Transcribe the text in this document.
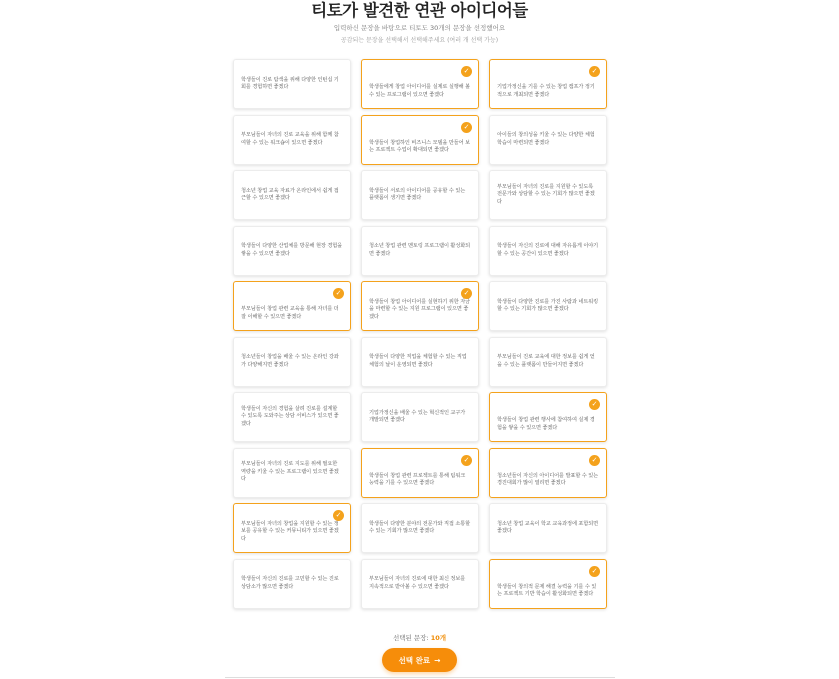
티토가 발견한 연관 아이디어들
입력하신 문장을 바탕으로 티토도 30개의 문장을 선정했어요
공감되는 문장을 선택해서 선택해주세요 (여러 개 선택 가능)
학생들이 진로 탐색을 위해 다양한 인턴십 기회를 경험하면 좋겠다
✓
학생들에게 창업 아이디어를 실제로 실행해 볼 수 있는 프로그램이 있으면 좋겠다
✓
기업가정신을 기를 수 있는 창업 캠프가 정기적으로 개최되면 좋겠다
부모님들이 자녀의 진로 교육을 위해 함께 참여할 수 있는 워크숍이 있으면 좋겠다
✓
학생들이 창업하인 비즈니스 모델을 만들어 보는 프로젝트 수업이 확대되면 좋겠다
아이들의 창의성을 키울 수 있는 다양한 체험학습이 마련되면 좋겠다
청소년 창업 교육 자료가 온라인에서 쉽게 접근할 수 있으면 좋겠다
학생들이 서로의 아이디어를 공유할 수 있는 플랫폼이 생기면 좋겠다
부모님들이 자녀의 진로를 지원할 수 있도록 전문가와 상담할 수 있는 기회가 많으면 좋겠다
학생들이 다양한 산업체를 방문해 현장 경험을 쌓을 수 있으면 좋겠다
청소년 창업 관련 멘토링 프로그램이 활성화되면 좋겠다
학생들이 자신의 진로에 대해 자유롭게 이야기할 수 있는 공간이 있으면 좋겠다
✓
부모님들이 창업 관련 교육을 통해 자녀를 더 잘 이해할 수 있으면 좋겠다
✓
학생들이 창업 아이디어를 실현하기 위한 자금을 마련할 수 있는 지원 프로그램이 있으면 좋겠다
학생들이 다양한 진로를 가진 사람과 네트워킹할 수 있는 기회가 많으면 좋겠다
청소년들이 창업을 배울 수 있는 온라인 강좌가 다양해지면 좋겠다
학생들이 다양한 직업을 체험할 수 있는 직업 체험의 날이 운영되면 좋겠다
부모님들이 진로 교육에 대한 정보를 쉽게 얻을 수 있는 플랫폼이 만들어지면 좋겠다
학생들이 자신의 경험을 살려 진로를 설계할 수 있도록 도와주는 상담 서비스가 있으면 좋겠다
기업가정신을 배울 수 있는 혁신적인 교구가 개발되면 좋겠다
✓
학생들이 창업 관련 행사에 참여하여 실제 경험을 쌓을 수 있으면 좋겠다
부모님들이 자녀의 진로 지도를 위해 필요한 역량을 키울 수 있는 프로그램이 있으면 좋겠다
✓
학생들이 창업 관련 프로젝트를 통해 팀워크 능력을 기를 수 있으면 좋겠다
✓
청소년들이 자신의 아이디어를 발표할 수 있는 경진대회가 많이 열리면 좋겠다
✓
부모님들이 자녀의 창업을 지원할 수 있는 정보를 공유할 수 있는 커뮤니티가 있으면 좋겠다
학생들이 다양한 분야의 전문가와 직접 소통할 수 있는 기회가 많으면 좋겠다
청소년 창업 교육이 학교 교육과정에 포함되면 좋겠다
학생들이 자신의 진로를 고민할 수 있는 진로 상담소가 많으면 좋겠다
부모님들이 자녀의 진로에 대한 최신 정보를 지속적으로 받아볼 수 있으면 좋겠다
✓
학생들이 창의적 문제 해결 능력을 기를 수 있는 프로젝트 기반 학습이 활성화되면 좋겠다
선택된 문장: 10개
선택 완료 →
